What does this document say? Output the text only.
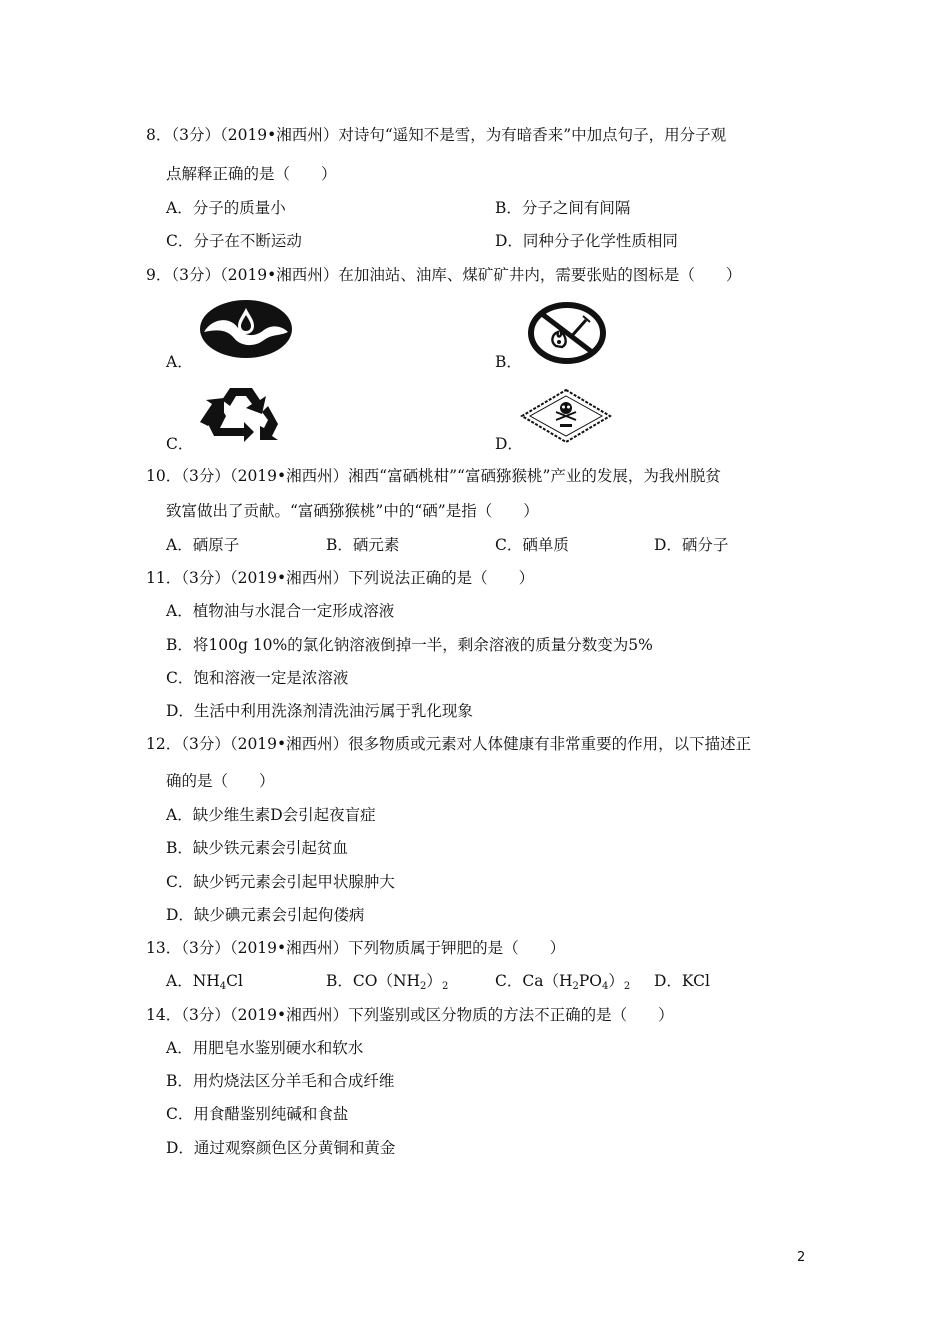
8．（3分）（2019•湘西州）对诗句“遥知不是雪，为有暗香来”中加点句子，用分子观
点解释正确的是（　　）
A．分子的质量小	B．分子之间有间隔
C．分子在不断运动	D．同种分子化学性质相同
9．（3分）（2019•湘西州）在加油站、油库、煤矿矿井内，需要张贴的图标是（　　）
A．	B．
C．	D．
10．（3分）（2019•湘西州）湘西“富硒桃柑”“富硒猕猴桃”产业的发展，为我州脱贫
致富做出了贡献。“富硒猕猴桃”中的“硒”是指（　　）
A．硒原子	B．硒元素	C．硒单质	D．硒分子
11．（3分）（2019•湘西州）下列说法正确的是（　　）
A．植物油与水混合一定形成溶液
B．将100g 10%的氯化钠溶液倒掉一半，剩余溶液的质量分数变为5%
C．饱和溶液一定是浓溶液
D．生活中利用洗涤剂清洗油污属于乳化现象
12．（3分）（2019•湘西州）很多物质或元素对人体健康有非常重要的作用，以下描述正
确的是（　　）
A．缺少维生素D会引起夜盲症
B．缺少铁元素会引起贫血
C．缺少钙元素会引起甲状腺肿大
D．缺少碘元素会引起佝偻病
13．（3分）（2019•湘西州）下列物质属于钾肥的是（　　）
A．$NH_4Cl$	B．$CO(NH_2)_2$	C．$Ca(H_2PO_4)_2$ D．KCl
14．（3分）（2019•湘西州）下列鉴别或区分物质的方法不正确的是（　　）
A．用肥皂水鉴别硬水和软水
B．用灼烧法区分羊毛和合成纤维
C．用食醋鉴别纯碱和食盐
D．通过观察颜色区分黄铜和黄金
2
